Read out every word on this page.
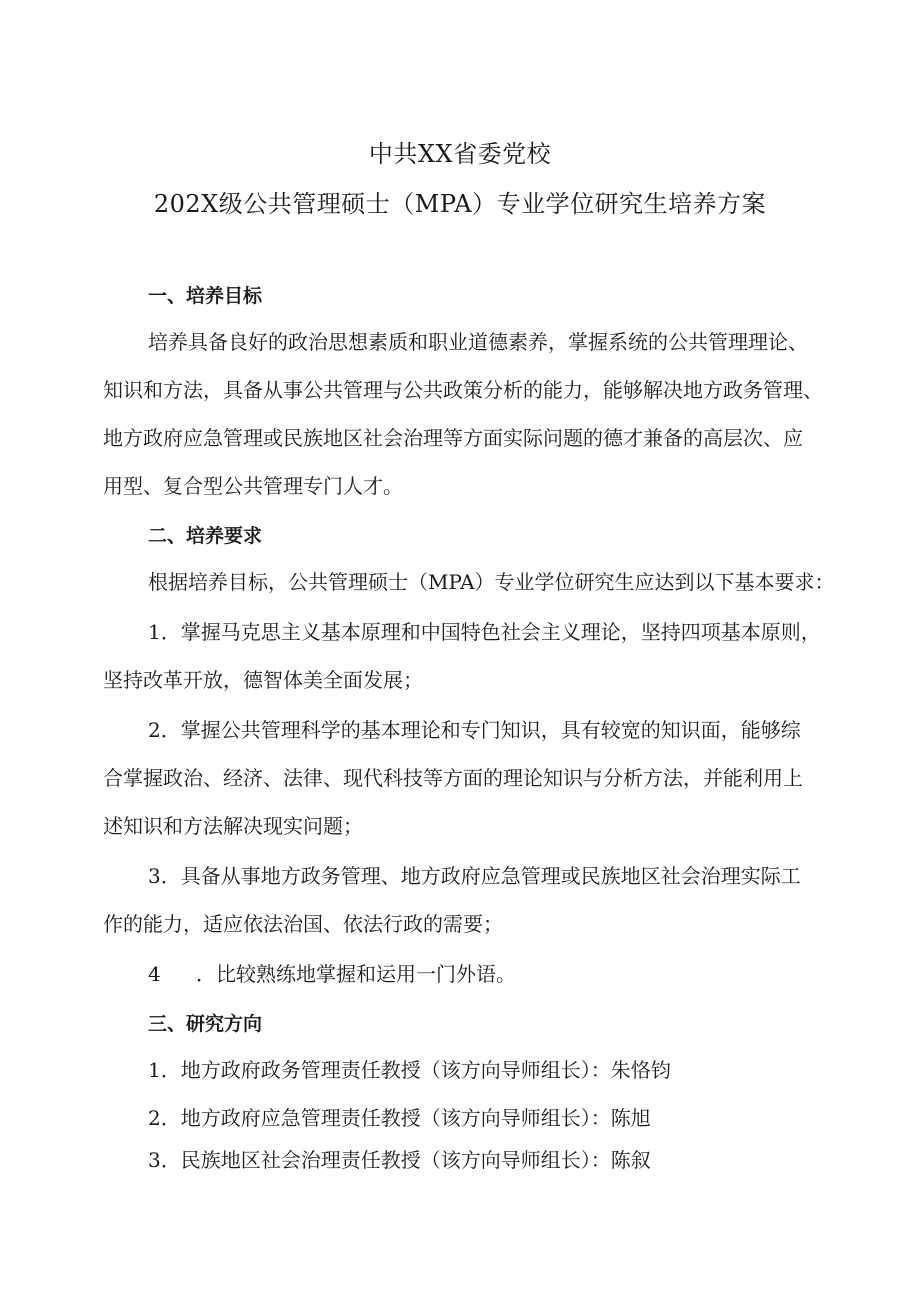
中共XX省委党校
202X级公共管理硕士（MPA）专业学位研究生培养方案
一、培养目标
培养具备良好的政治思想素质和职业道德素养，掌握系统的公共管理理论、
知识和方法，具备从事公共管理与公共政策分析的能力，能够解决地方政务管理、
地方政府应急管理或民族地区社会治理等方面实际问题的德才兼备的高层次、应
用型、复合型公共管理专门人才。
二、培养要求
根据培养目标，公共管理硕士（MPA）专业学位研究生应达到以下基本要求：
1．掌握马克思主义基本原理和中国特色社会主义理论，坚持四项基本原则，
坚持改革开放，德智体美全面发展；
2．掌握公共管理科学的基本理论和专门知识，具有较宽的知识面，能够综
合掌握政治、经济、法律、现代科技等方面的理论知识与分析方法，并能利用上
述知识和方法解决现实问题；
3．具备从事地方政务管理、地方政府应急管理或民族地区社会治理实际工
作的能力，适应依法治国、依法行政的需要；
4 ．比较熟练地掌握和运用一门外语。
三、研究方向
1．地方政府政务管理责任教授（该方向导师组长）：朱恪钧
2．地方政府应急管理责任教授（该方向导师组长）：陈旭
3．民族地区社会治理责任教授（该方向导师组长）：陈叙
